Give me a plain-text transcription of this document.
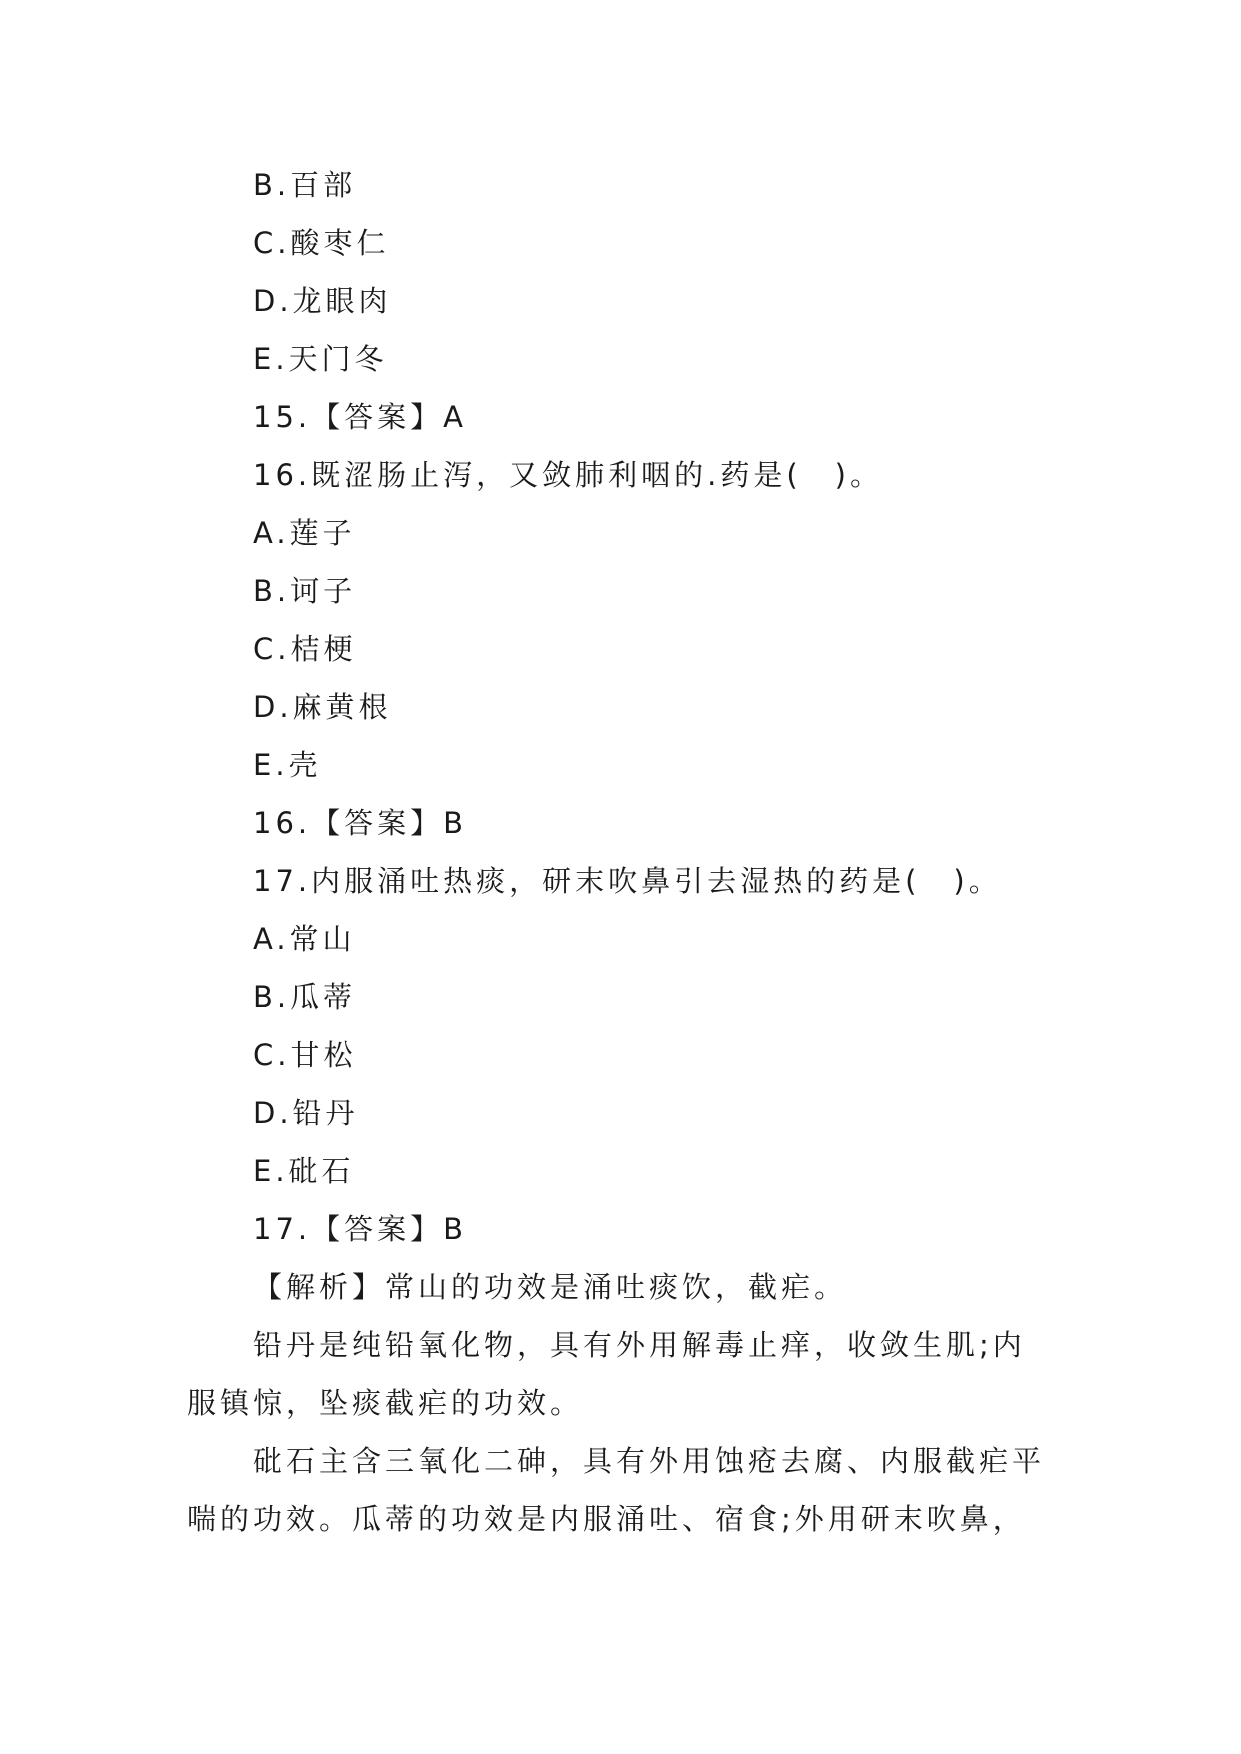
B.百部
C.酸枣仁
D.龙眼肉
E.天门冬
15.【答案】A
16.既涩肠止泻，又敛肺利咽的.药是(　)。
A.莲子
B.诃子
C.桔梗
D.麻黄根
E.壳
16.【答案】B
17.内服涌吐热痰，研末吹鼻引去湿热的药是(　)。
A.常山
B.瓜蒂
C.甘松
D.铅丹
E.砒石
17.【答案】B
【解析】常山的功效是涌吐痰饮，截疟。
铅丹是纯铅氧化物，具有外用解毒止痒，收敛生肌;内服镇惊，坠痰截疟的功效。
砒石主含三氧化二砷，具有外用蚀疮去腐、内服截疟平喘的功效。瓜蒂的功效是内服涌吐、宿食;外用研末吹鼻，
